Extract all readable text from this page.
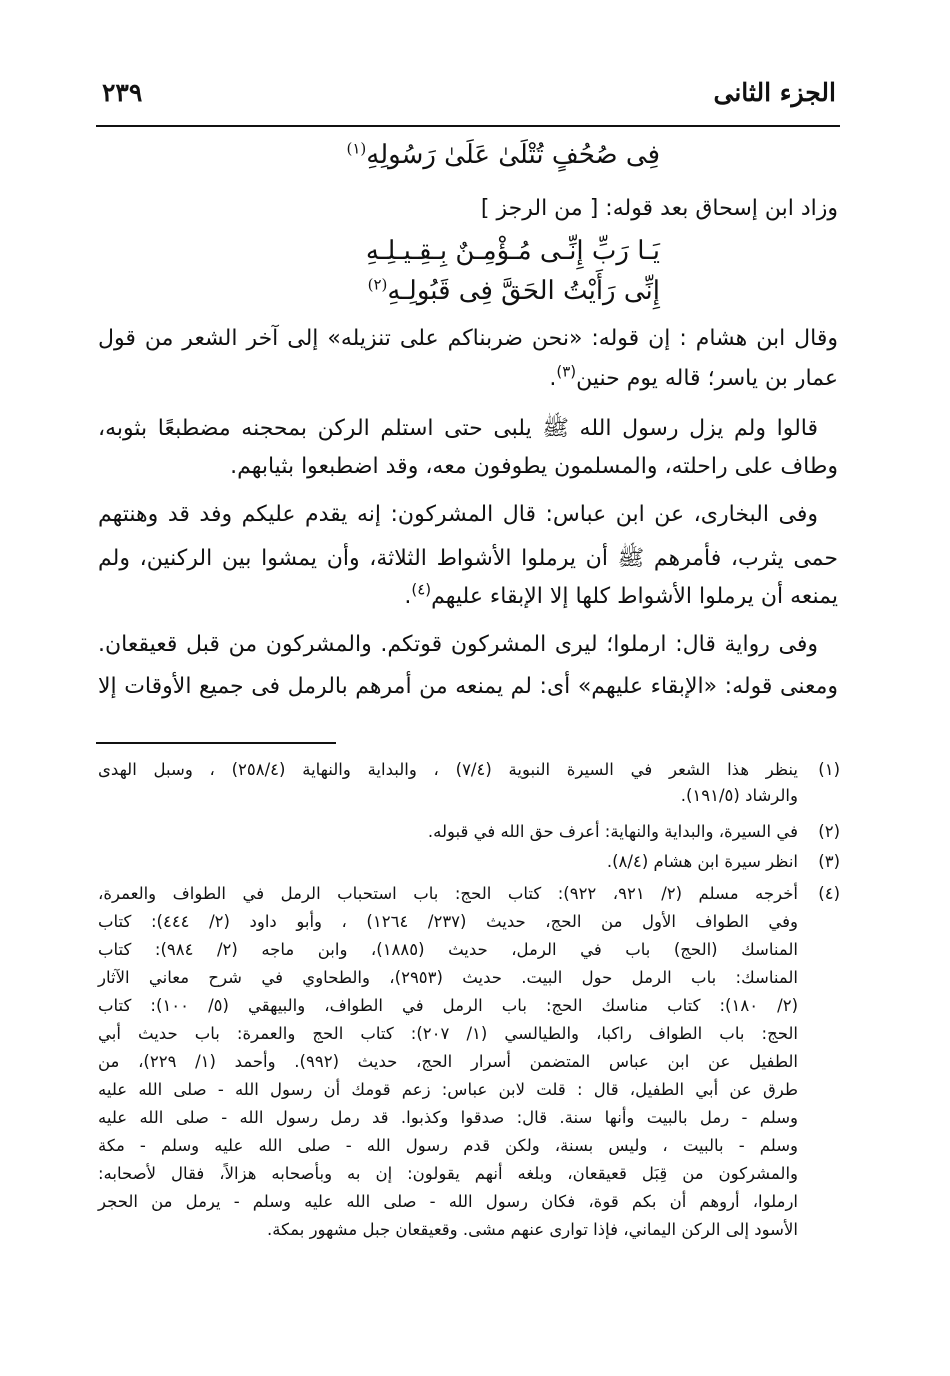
الجزء الثانى
٢٣٩
فِى صُحُفٍ تُتْلَىٰ عَلَىٰ رَسُولِهِ$^{(١)}$
وزاد ابن إسحاق بعد قوله: [ من الرجز ]
يَـا رَبِّ إِنِّـى مُـؤْمِـنٌ بِـقِـيـلِـهِ
إِنِّى رَأَيْتُ الحَقَّ فِى قَبُولِـهِ$^{(٢)}$
وقال ابن هشام : إن قوله: «نحن ضربناكم على تنزيله» إلى آخر الشعر من قول
عمار بن ياسر؛ قاله يوم حنين$^{(٣)}$.
قالوا ولم يزل رسول الله ﷺ يلبى حتى استلم الركن بمحجنه مضطبعًا بثوبه،
وطاف على راحلته، والمسلمون يطوفون معه، وقد اضطبعوا بثيابهم.
وفى البخارى، عن ابن عباس: قال المشركون: إنه يقدم عليكم وفد قد وهنتهم
حمى يثرب، فأمرهم ﷺ أن يرملوا الأشواط الثلاثة، وأن يمشوا بين الركنين، ولم
يمنعه أن يرملوا الأشواط كلها إلا الإبقاء عليهم$^{(٤)}$.
وفى رواية قال: ارملوا؛ ليرى المشركون قوتكم. والمشركون من قبل قعيقعان.
ومعنى قوله: «الإبقاء عليهم» أى: لم يمنعه من أمرهم بالرمل فى جميع الأوقات إلا
(١)
ينظر هذا الشعر في السيرة النبوية (٧/٤) ، والبداية والنهاية (٢٥٨/٤) ، وسبل الهدى
والرشاد (١٩١/٥).
(٢)
في السيرة، والبداية والنهاية: أعرف حق الله في قبوله.
(٣)
انظر سيرة ابن هشام (٨/٤).
(٤)
أخرجه مسلم (٢/ ٩٢١، ٩٢٢): كتاب الحج: باب استحباب الرمل في الطواف والعمرة،
وفي الطواف الأول من الحج، حديث (٢٣٧/ ١٢٦٤) ، وأبو داود (٢/ ٤٤٤): كتاب
المناسك (الحج) باب في الرمل، حديث (١٨٨٥)، وابن ماجه (٢/ ٩٨٤): كتاب
المناسك: باب الرمل حول البيت. حديث (٢٩٥٣)، والطحاوي في شرح معاني الآثار
(٢/ ١٨٠): كتاب مناسك الحج: باب الرمل في الطواف، والبيهقي (٥/ ١٠٠): كتاب
الحج: باب الطواف راكبا، والطيالسي (١/ ٢٠٧): كتاب الحج والعمرة: باب حديث أبي
الطفيل عن ابن عباس المتضمن أسرار الحج، حديث (٩٩٢). وأحمد (١/ ٢٢٩)، من
طرق عن أبي الطفيل، قال : قلت لابن عباس: زعم قومك أن رسول الله - صلى الله عليه
وسلم - رمل بالبيت وأنها سنة. قال: صدقوا وكذبوا. قد رمل رسول الله - صلى الله عليه
وسلم - بالبيت ، وليس بسنة، ولكن قدم رسول الله - صلى الله عليه وسلم - مكة
والمشركون من قِبَل قعيقعان، وبلغه أنهم يقولون: إن به وبأصحابه هزالاً، فقال لأصحابه:
ارملوا، أروهم أن بكم قوة، فكان رسول الله - صلى الله عليه وسلم - يرمل من الحجر
الأسود إلى الركن اليماني، فإذا توارى عنهم مشى. وقعيقعان جبل مشهور بمكة.
